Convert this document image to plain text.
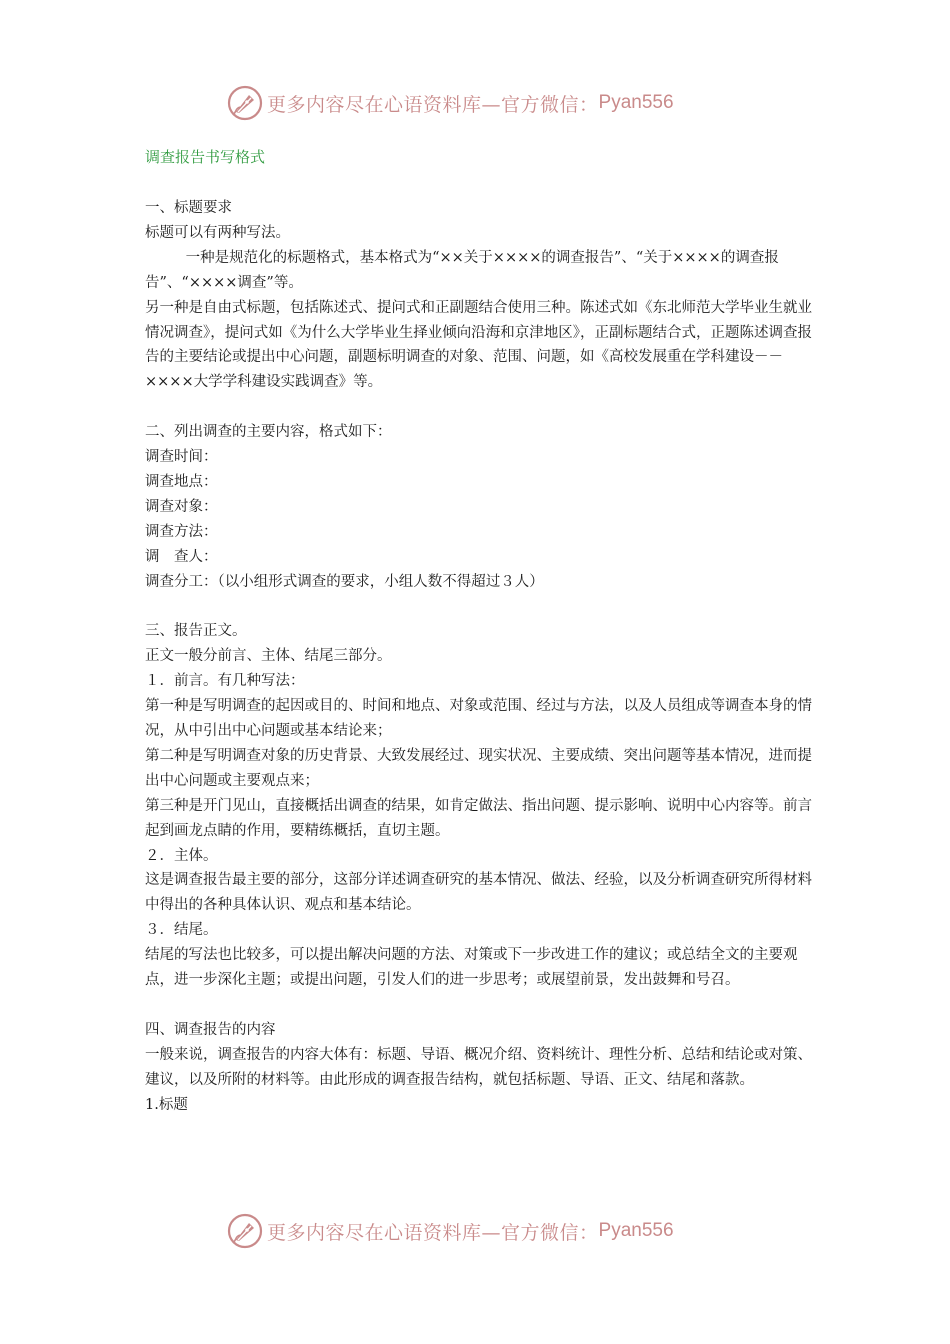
更多内容尽在心语资料库—官方微信： Pyan556
调查报告书写格式

一、标题要求

标题可以有两种写法。

一种是规范化的标题格式，基本格式为“××关于××××的调查报告”、“关于××××的调查报告”、“××××调查”等。

另一种是自由式标题，包括陈述式、提问式和正副题结合使用三种。陈述式如《东北师范大学毕业生就业情况调查》，提问式如《为什么大学毕业生择业倾向沿海和京津地区》，正副标题结合式，正题陈述调查报告的主要结论或提出中心问题，副题标明调查的对象、范围、问题，如《高校发展重在学科建设－－××××大学学科建设实践调查》等。

二、列出调查的主要内容，格式如下：

调查时间：

调查地点：

调查对象：

调查方法：

调　查人：

调查分工：（以小组形式调查的要求，小组人数不得超过３人）

三、报告正文。

正文一般分前言、主体、结尾三部分。

１．前言。有几种写法：

第一种是写明调查的起因或目的、时间和地点、对象或范围、经过与方法，以及人员组成等调查本身的情况，从中引出中心问题或基本结论来；

第二种是写明调查对象的历史背景、大致发展经过、现实状况、主要成绩、突出问题等基本情况，进而提出中心问题或主要观点来；

第三种是开门见山，直接概括出调查的结果，如肯定做法、指出问题、提示影响、说明中心内容等。前言起到画龙点睛的作用，要精练概括，直切主题。

２．主体。

这是调查报告最主要的部分，这部分详述调查研究的基本情况、做法、经验，以及分析调查研究所得材料中得出的各种具体认识、观点和基本结论。

３．结尾。

结尾的写法也比较多，可以提出解决问题的方法、对策或下一步改进工作的建议；或总结全文的主要观点，进一步深化主题；或提出问题，引发人们的进一步思考；或展望前景，发出鼓舞和号召。

四、调查报告的内容

一般来说，调查报告的内容大体有：标题、导语、概况介绍、资料统计、理性分析、总结和结论或对策、建议，以及所附的材料等。由此形成的调查报告结构，就包括标题、导语、正文、结尾和落款。

1.标题

更多内容尽在心语资料库—官方微信： Pyan556
